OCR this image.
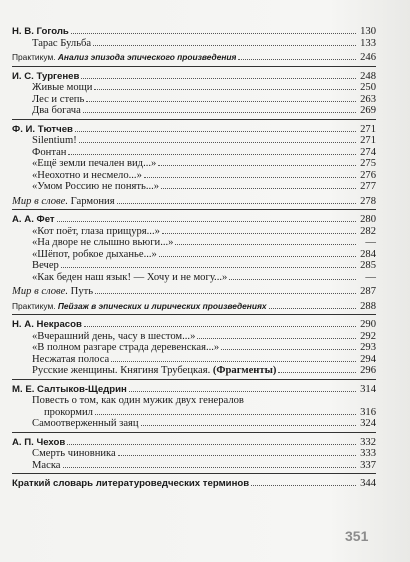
Н. В. Гоголь	130
Тарас Бульба	133
Практикум. Анализ эпизода эпического произведения	246
И. С. Тургенев	248
Живые мощи	250
Лес и степь	263
Два богача	269
Ф. И. Тютчев	271
Silentium!	271
Фонтан	274
«Ещё земли печален вид...»	275
«Неохотно и несмело...»	276
«Умом Россию не понять...»	277
Мир в слове. Гармония	278
А. А. Фет	280
«Кот поёт, глаза прищуря...»	282
«На дворе не слышно вьюги...»	—
«Шёпот, робкое дыханье...»	284
Вечер	285
«Как беден наш язык! — Хочу и не могу...»	—
Мир в слове. Путь	287
Практикум. Пейзаж в эпических и лирических произведениях	288
Н. А. Некрасов	290
«Вчерашний день, часу в шестом...»	292
«В полном разгаре страда деревенская...»	293
Несжатая полоса	294
Русские женщины. Княгиня Трубецкая. (Фрагменты)	296
М. Е. Салтыков-Щедрин	314
Повесть о том, как один мужик двух генералов
прокормил	316
Самоотверженный заяц	324
А. П. Чехов	332
Смерть чиновника	333
Маска	337
Краткий словарь литературоведческих терминов	344
351
